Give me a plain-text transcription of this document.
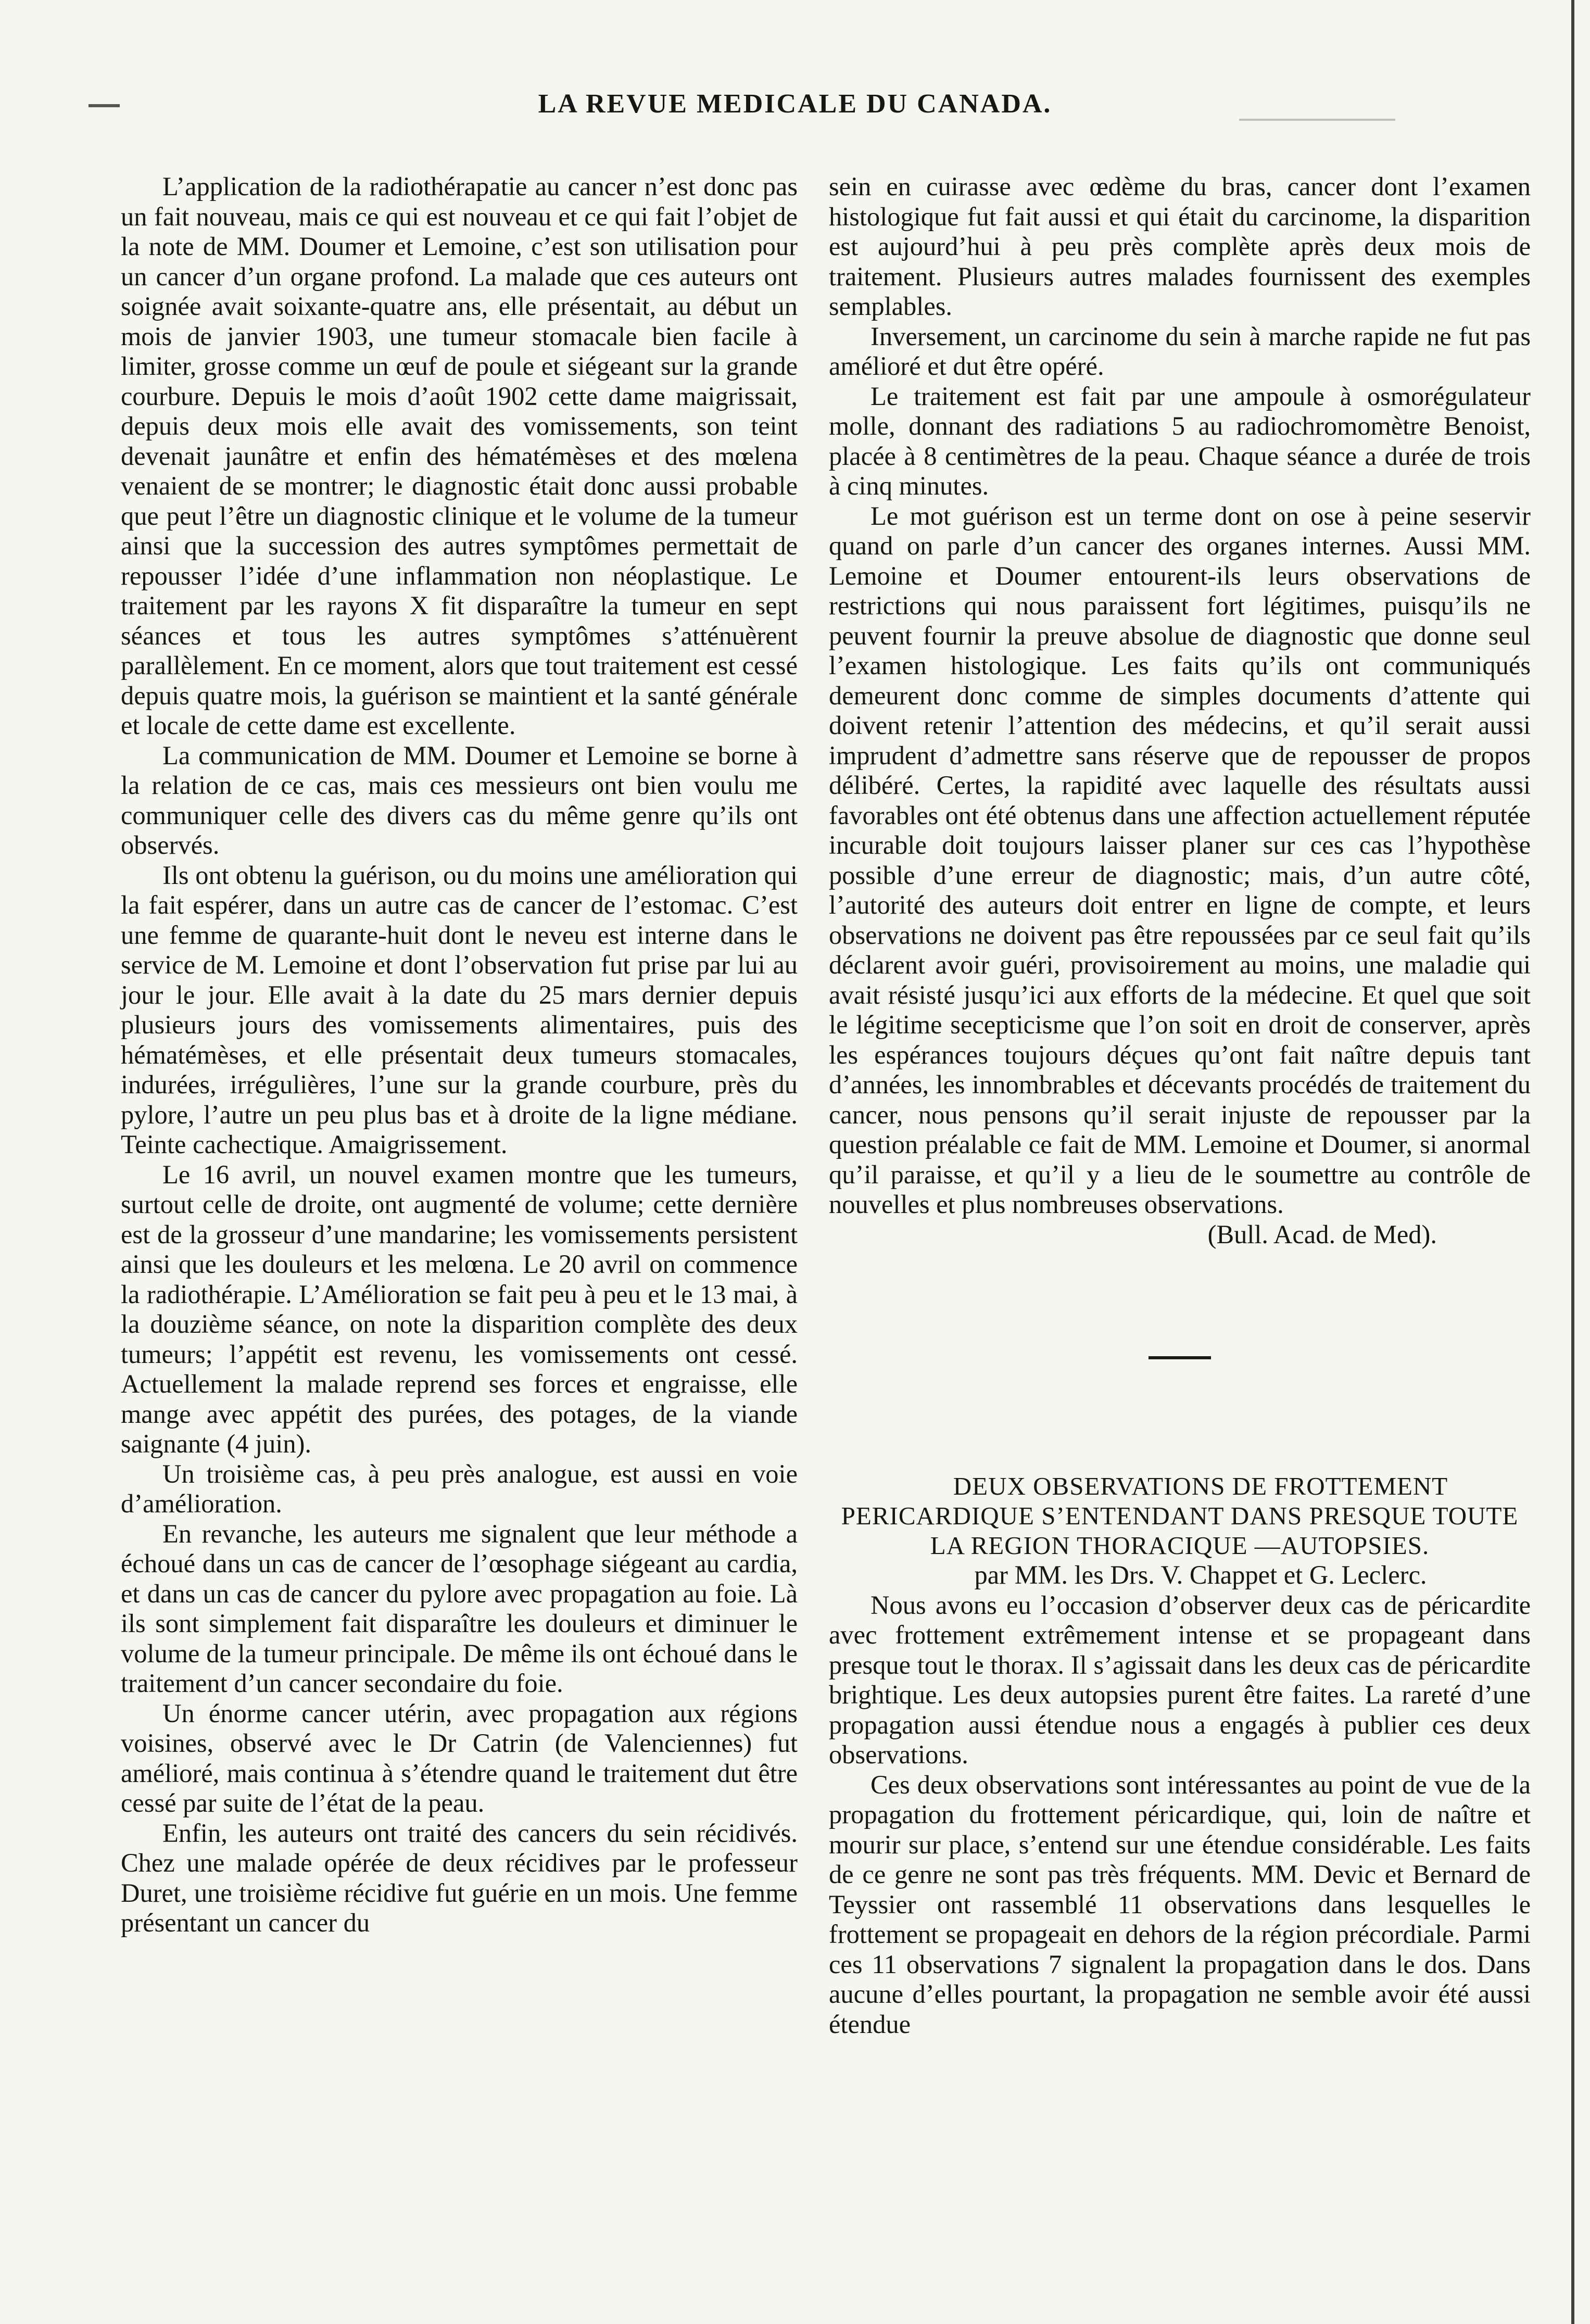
LA REVUE MEDICALE DU CANADA.

L’application de la radiothérapatie au cancer n’est donc pas un fait nouveau, mais ce qui est nouveau et ce qui fait l’objet de la note de MM. Doumer et Lemoine, c’est son utilisation pour un cancer d’un organe profond. La malade que ces auteurs ont soignée avait soixante-quatre ans, elle présentait, au début un mois de janvier 1903, une tumeur stomacale bien facile à limiter, grosse comme un œuf de poule et siégeant sur la grande courbure. Depuis le mois d’août 1902 cette dame maigrissait, depuis deux mois elle avait des vomissements, son teint devenait jaunâtre et enfin des hématémèses et des mœlena venaient de se montrer; le diagnostic était donc aussi probable que peut l’être un diagnostic clinique et le volume de la tumeur ainsi que la succession des autres symptômes permettait de repousser l’idée d’une inflammation non néoplastique. Le traitement par les rayons X fit disparaître la tumeur en sept séances et tous les autres symptômes s’atténuèrent parallèlement. En ce moment, alors que tout traitement est cessé depuis quatre mois, la guérison se maintient et la santé générale et locale de cette dame est excellente.

La communication de MM. Doumer et Lemoine se borne à la relation de ce cas, mais ces messieurs ont bien voulu me communiquer celle des divers cas du même genre qu’ils ont observés.

Ils ont obtenu la guérison, ou du moins une amélioration qui la fait espérer, dans un autre cas de cancer de l’estomac. C’est une femme de quarante-huit dont le neveu est interne dans le service de M. Lemoine et dont l’observation fut prise par lui au jour le jour. Elle avait à la date du 25 mars dernier depuis plusieurs jours des vomissements alimentaires, puis des hématémèses, et elle présentait deux tumeurs stomacales, indurées, irrégulières, l’une sur la grande courbure, près du pylore, l’autre un peu plus bas et à droite de la ligne médiane. Teinte cachectique. Amaigrissement.

Le 16 avril, un nouvel examen montre que les tumeurs, surtout celle de droite, ont augmenté de volume; cette dernière est de la grosseur d’une mandarine; les vomissements persistent ainsi que les douleurs et les melœna. Le 20 avril on commence la radiothérapie. L’Amélioration se fait peu à peu et le 13 mai, à la douzième séance, on note la disparition complète des deux tumeurs; l’appétit est revenu, les vomissements ont cessé. Actuellement la malade reprend ses forces et engraisse, elle mange avec appétit des purées, des potages, de la viande saignante (4 juin).

Un troisième cas, à peu près analogue, est aussi en voie d’amélioration.

En revanche, les auteurs me signalent que leur méthode a échoué dans un cas de cancer de l’œsophage siégeant au cardia, et dans un cas de cancer du pylore avec propagation au foie. Là ils sont simplement fait disparaître les douleurs et diminuer le volume de la tumeur principale. De même ils ont échoué dans le traitement d’un cancer secondaire du foie.

Un énorme cancer utérin, avec propagation aux régions voisines, observé avec le Dr Catrin (de Valenciennes) fut amélioré, mais continua à s’étendre quand le traitement dut être cessé par suite de l’état de la peau.

Enfin, les auteurs ont traité des cancers du sein récidivés. Chez une malade opérée de deux récidives par le professeur Duret, une troisième récidive fut guérie en un mois. Une femme présentant un cancer du

sein en cuirasse avec œdème du bras, cancer dont l’examen histologique fut fait aussi et qui était du carcinome, la disparition est aujourd’hui à peu près complète après deux mois de traitement. Plusieurs autres malades fournissent des exemples semplables.

Inversement, un carcinome du sein à marche rapide ne fut pas amélioré et dut être opéré.

Le traitement est fait par une ampoule à osmorégulateur molle, donnant des radiations 5 au radiochromomètre Benoist, placée à 8 centimètres de la peau. Chaque séance a durée de trois à cinq minutes.

Le mot guérison est un terme dont on ose à peine seservir quand on parle d’un cancer des organes internes. Aussi MM. Lemoine et Doumer entourent-ils leurs observations de restrictions qui nous paraissent fort légitimes, puisqu’ils ne peuvent fournir la preuve absolue de diagnostic que donne seul l’examen histologique. Les faits qu’ils ont communiqués demeurent donc comme de simples documents d’attente qui doivent retenir l’attention des médecins, et qu’il serait aussi imprudent d’admettre sans réserve que de repousser de propos délibéré. Certes, la rapidité avec laquelle des résultats aussi favorables ont été obtenus dans une affection actuellement réputée incurable doit toujours laisser planer sur ces cas l’hypothèse possible d’une erreur de diagnostic; mais, d’un autre côté, l’autorité des auteurs doit entrer en ligne de compte, et leurs observations ne doivent pas être repoussées par ce seul fait qu’ils déclarent avoir guéri, provisoirement au moins, une maladie qui avait résisté jusqu’ici aux efforts de la médecine. Et quel que soit le légitime secepticisme que l’on soit en droit de conserver, après les espérances toujours déçues qu’ont fait naître depuis tant d’années, les innombrables et décevants procédés de traitement du cancer, nous pensons qu’il serait injuste de repousser par la question préalable ce fait de MM. Lemoine et Doumer, si anormal qu’il paraisse, et qu’il y a lieu de le soumettre au contrôle de nouvelles et plus nombreuses observations.

(Bull. Acad. de Med).

DEUX OBSERVATIONS DE FROTTEMENT PERICARDIQUE S’ENTENDANT DANS PRESQUE TOUTE LA REGION THORACIQUE —AUTOPSIES.

par MM. les Drs. V. Chappet et G. Leclerc.

Nous avons eu l’occasion d’observer deux cas de péricardite avec frottement extrêmement intense et se propageant dans presque tout le thorax. Il s’agissait dans les deux cas de péricardite brightique. Les deux autopsies purent être faites. La rareté d’une propagation aussi étendue nous a engagés à publier ces deux observations.

Ces deux observations sont intéressantes au point de vue de la propagation du frottement péricardique, qui, loin de naître et mourir sur place, s’entend sur une étendue considérable. Les faits de ce genre ne sont pas très fréquents. MM. Devic et Bernard de Teyssier ont rassemblé 11 observations dans lesquelles le frottement se propageait en dehors de la région précordiale. Parmi ces 11 observations 7 signalent la propagation dans le dos. Dans aucune d’elles pourtant, la propagation ne semble avoir été aussi étendue
